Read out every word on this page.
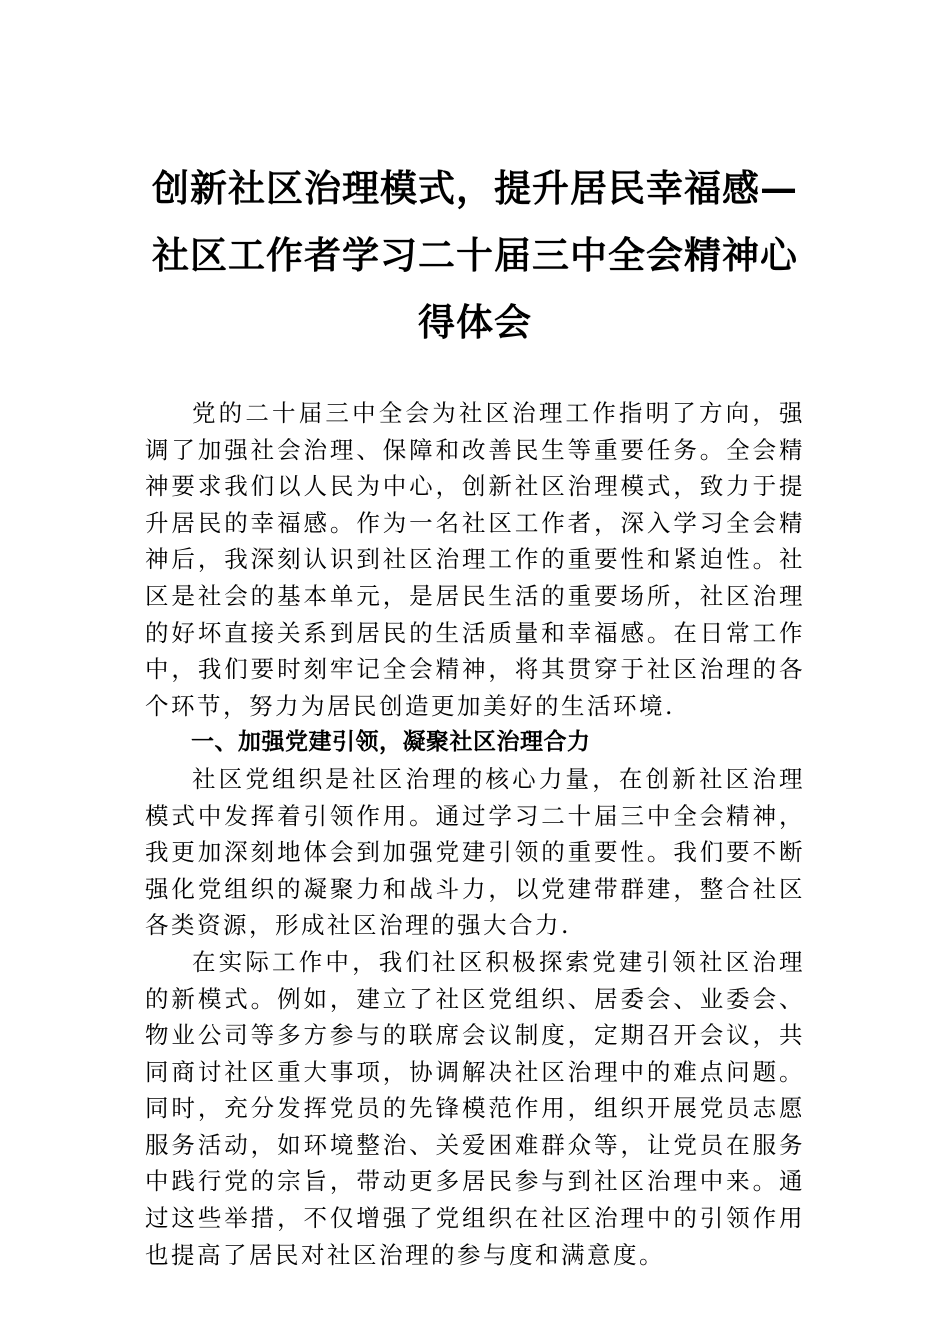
创新社区治理模式，提升居民幸福感—社区工作者学习二十届三中全会精神心得体会

党的二十届三中全会为社区治理工作指明了方向，强调了加强社会治理、保障和改善民生等重要任务。全会精神要求我们以人民为中心，创新社区治理模式，致力于提升居民的幸福感。作为一名社区工作者，深入学习全会精神后，我深刻认识到社区治理工作的重要性和紧迫性。社区是社会的基本单元，是居民生活的重要场所，社区治理的好坏直接关系到居民的生活质量和幸福感。在日常工作中，我们要时刻牢记全会精神，将其贯穿于社区治理的各个环节，努力为居民创造更加美好的生活环境.

一、加强党建引领，凝聚社区治理合力

社区党组织是社区治理的核心力量，在创新社区治理模式中发挥着引领作用。通过学习二十届三中全会精神，我更加深刻地体会到加强党建引领的重要性。我们要不断强化党组织的凝聚力和战斗力，以党建带群建，整合社区各类资源，形成社区治理的强大合力.

在实际工作中，我们社区积极探索党建引领社区治理的新模式。例如，建立了社区党组织、居委会、业委会、物业公司等多方参与的联席会议制度，定期召开会议，共同商讨社区重大事项，协调解决社区治理中的难点问题。同时，充分发挥党员的先锋模范作用，组织开展党员志愿服务活动，如环境整治、关爱困难群众等，让党员在服务中践行党的宗旨，带动更多居民参与到社区治理中来。通过这些举措，不仅增强了党组织在社区治理中的引领作用也提高了居民对社区治理的参与度和满意度。
